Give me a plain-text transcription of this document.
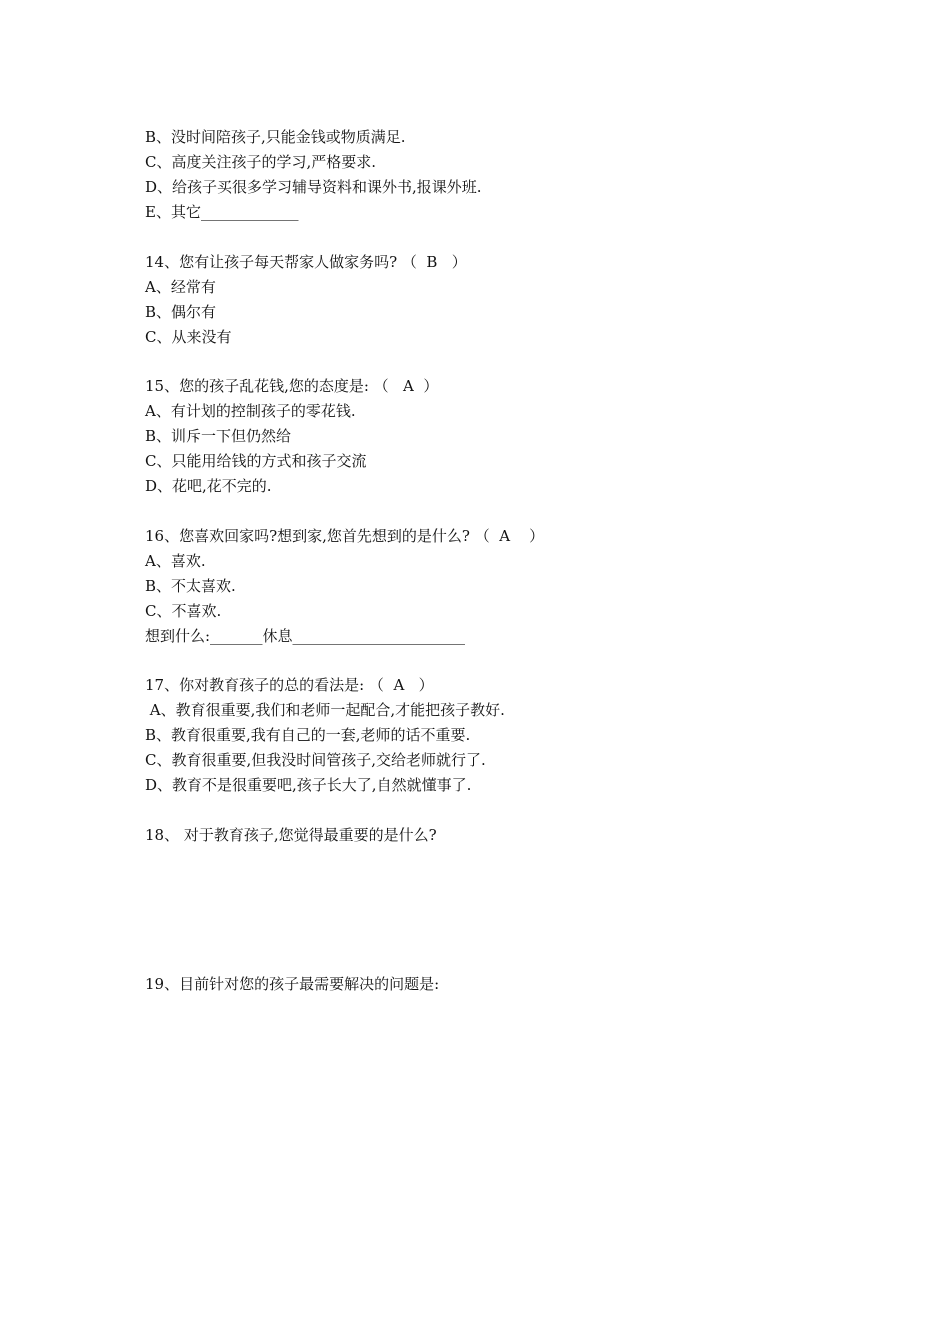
B、没时间陪孩子,只能金钱或物质满足.
C、高度关注孩子的学习,严格要求.
D、给孩子买很多学习辅导资料和课外书,报课外班.
E、其它_____________
14、您有让孩子每天帮家人做家务吗? （  B   ）
A、经常有
B、偶尔有
C、从来没有
15、您的孩子乱花钱,您的态度是: （   A  ）
A、有计划的控制孩子的零花钱.
B、训斥一下但仍然给
C、只能用给钱的方式和孩子交流
D、花吧,花不完的.
16、您喜欢回家吗?想到家,您首先想到的是什么? （  A    ）
A、喜欢.
B、不太喜欢.
C、不喜欢.
想到什么:_______休息_______________________
17、你对教育孩子的总的看法是: （  A   ）
A、教育很重要,我们和老师一起配合,才能把孩子教好.
B、教育很重要,我有自己的一套,老师的话不重要.
C、教育很重要,但我没时间管孩子,交给老师就行了.
D、教育不是很重要吧,孩子长大了,自然就懂事了.
18、 对于教育孩子,您觉得最重要的是什么?
19、目前针对您的孩子最需要解决的问题是:
